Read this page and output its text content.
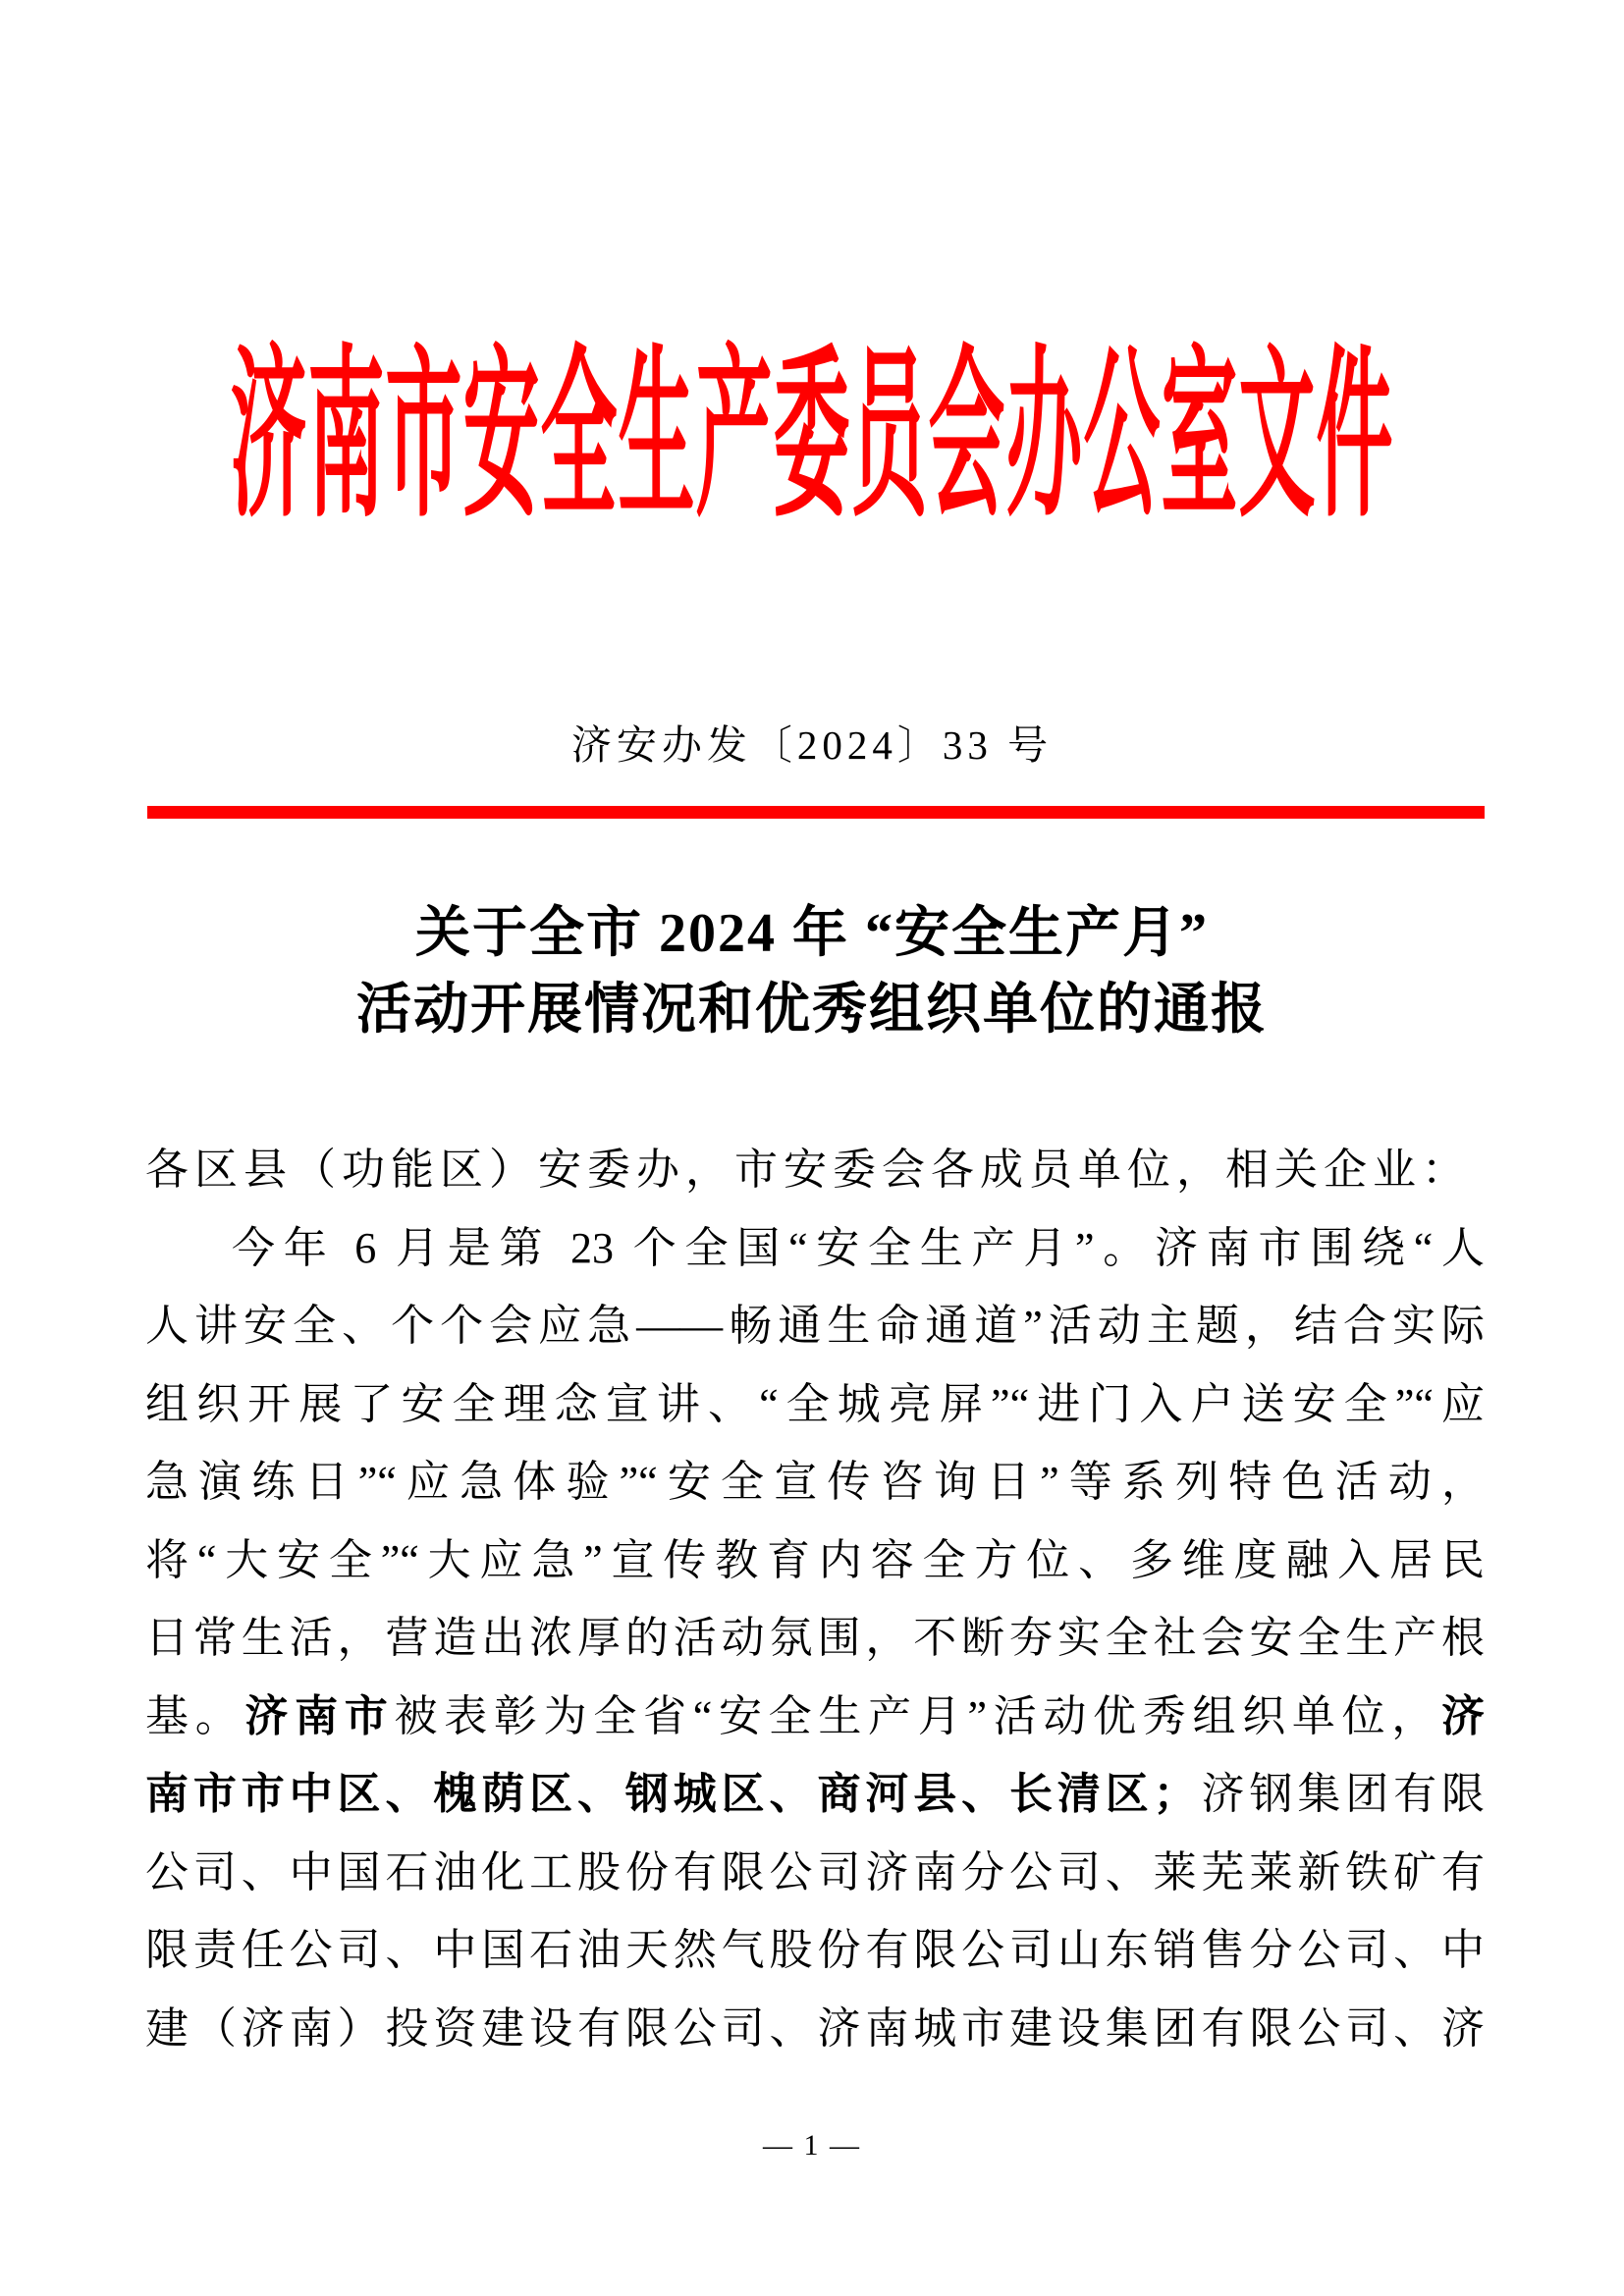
济南市安全生产委员会办公室文件
济安办发〔2024〕33 号
关于全市 2024 年 “安全生产月”
活动开展情况和优秀组织单位的通报
各区县（功能区）安委办，市安委会各成员单位，相关企业：
今年 6 月是第 23 个全国“安全生产月”。济南市围绕“人
人讲安全、个个会应急——畅通生命通道”活动主题，结合实际
组织开展了安全理念宣讲、“全城亮屏”“进门入户送安全”“应
急演练日”“应急体验”“安全宣传咨询日”等系列特色活动，
将“大安全”“大应急”宣传教育内容全方位、多维度融入居民
日常生活，营造出浓厚的活动氛围，不断夯实全社会安全生产根
基。济南市被表彰为全省“安全生产月”活动优秀组织单位，济
南市市中区、槐荫区、钢城区、商河县、长清区；济钢集团有限
公司、中国石油化工股份有限公司济南分公司、莱芜莱新铁矿有
限责任公司、中国石油天然气股份有限公司山东销售分公司、中
建（济南）投资建设有限公司、济南城市建设集团有限公司、济
— 1 —
